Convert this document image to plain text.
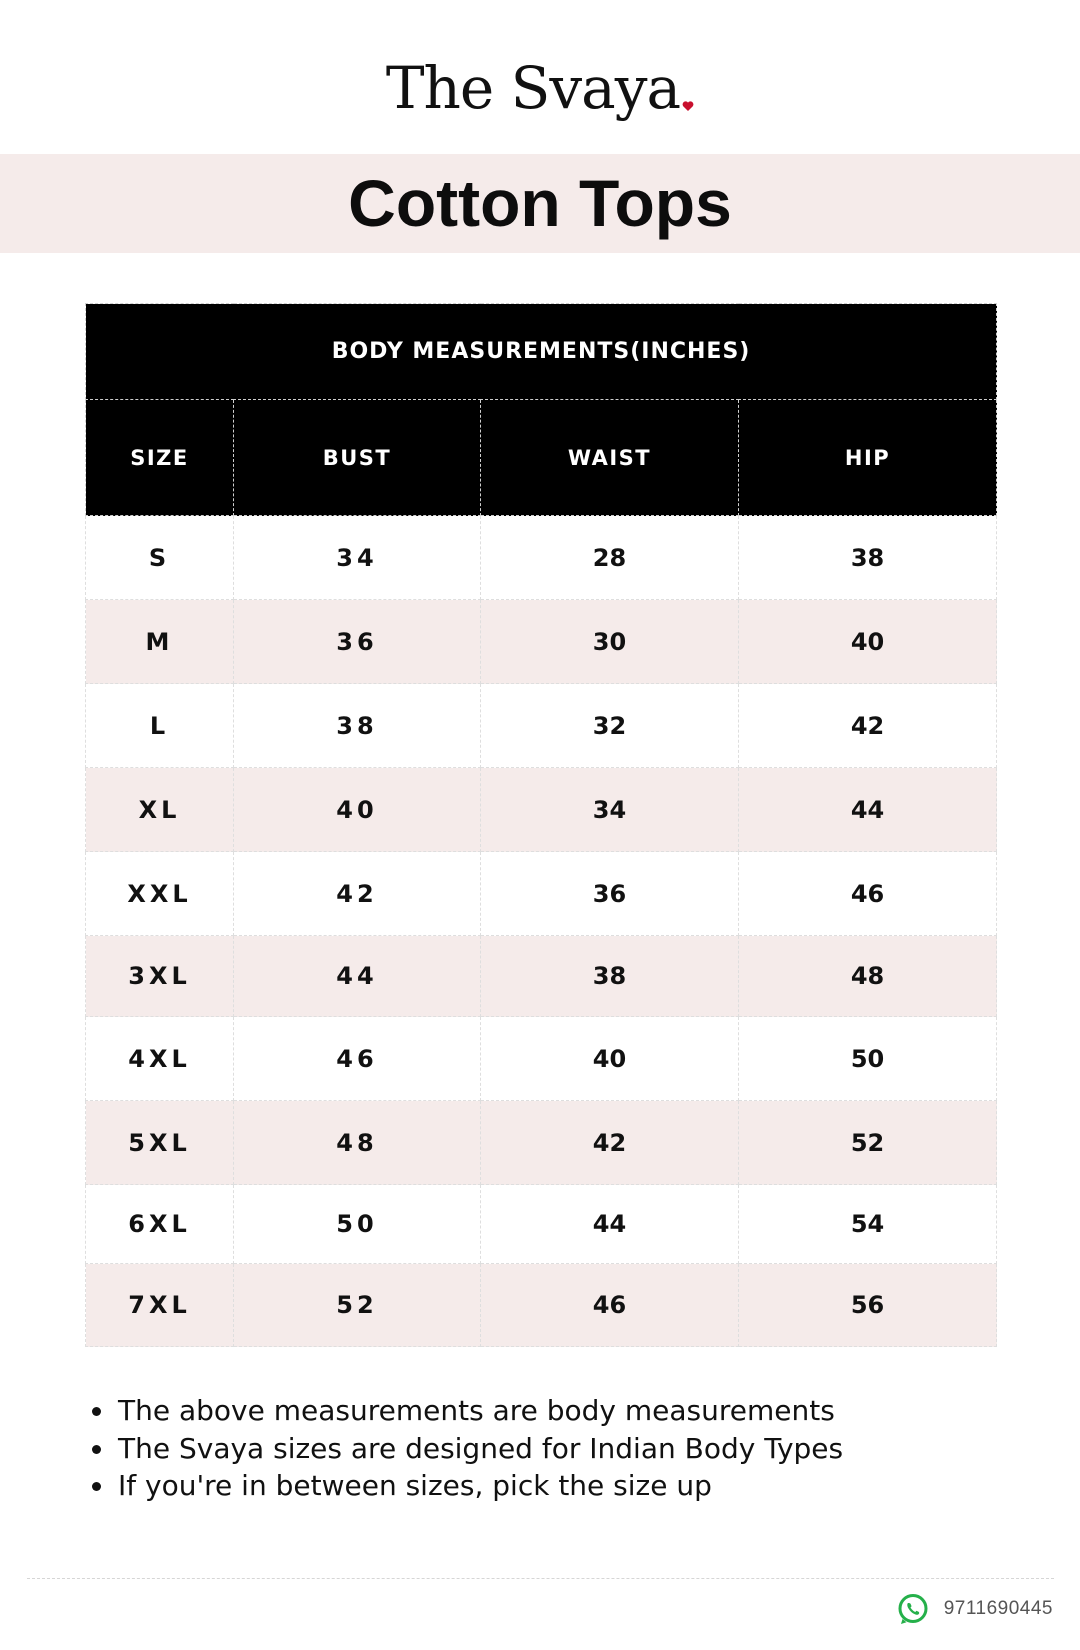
The Svaya
Cotton Tops
BODY MEASUREMENTS(INCHES)			
SIZE	BUST	WAIST	HIP
S	34	28	38
M	36	30	40
L	38	32	42
XL	40	34	44
XXL	42	36	46
3XL	44	38	48
4XL	46	40	50
5XL	48	42	52
6XL	50	44	54
7XL	52	46	56
• The above measurements are body measurements
• The Svaya sizes are designed for Indian Body Types
• If you're in between sizes, pick the size up
9711690445
